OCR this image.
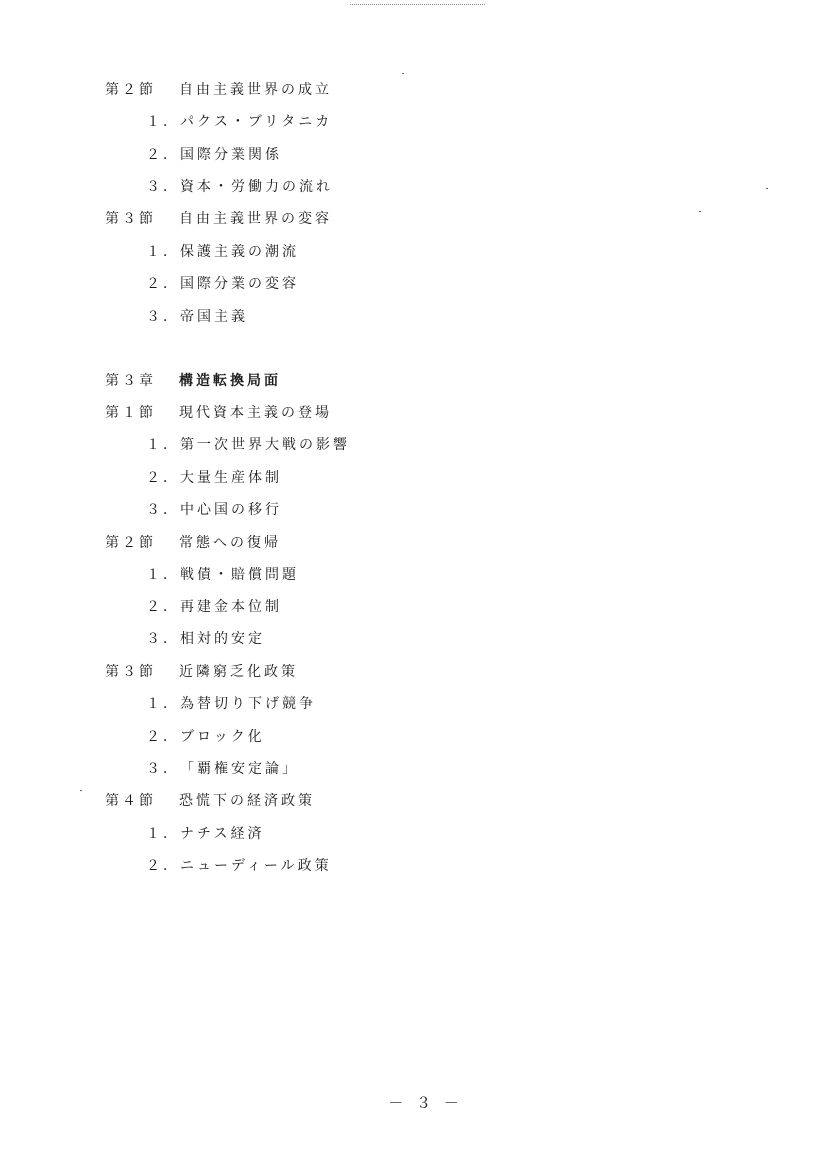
第２節 自由主義世界の成立
１． パクス・ブリタニカ
２． 国際分業関係
３． 資本・労働力の流れ
第３節 自由主義世界の変容
１． 保護主義の潮流
２． 国際分業の変容
３． 帝国主義
第３章 構造転換局面
第１節 現代資本主義の登場
１． 第一次世界大戦の影響
２． 大量生産体制
３． 中心国の移行
第２節 常態への復帰
１． 戦債・賠償問題
２． 再建金本位制
３． 相対的安定
第３節 近隣窮乏化政策
１． 為替切り下げ競争
２． ブロック化
３． 「覇権安定論」
第４節 恐慌下の経済政策
１． ナチス経済
２． ニューディール政策
－ ３ －
